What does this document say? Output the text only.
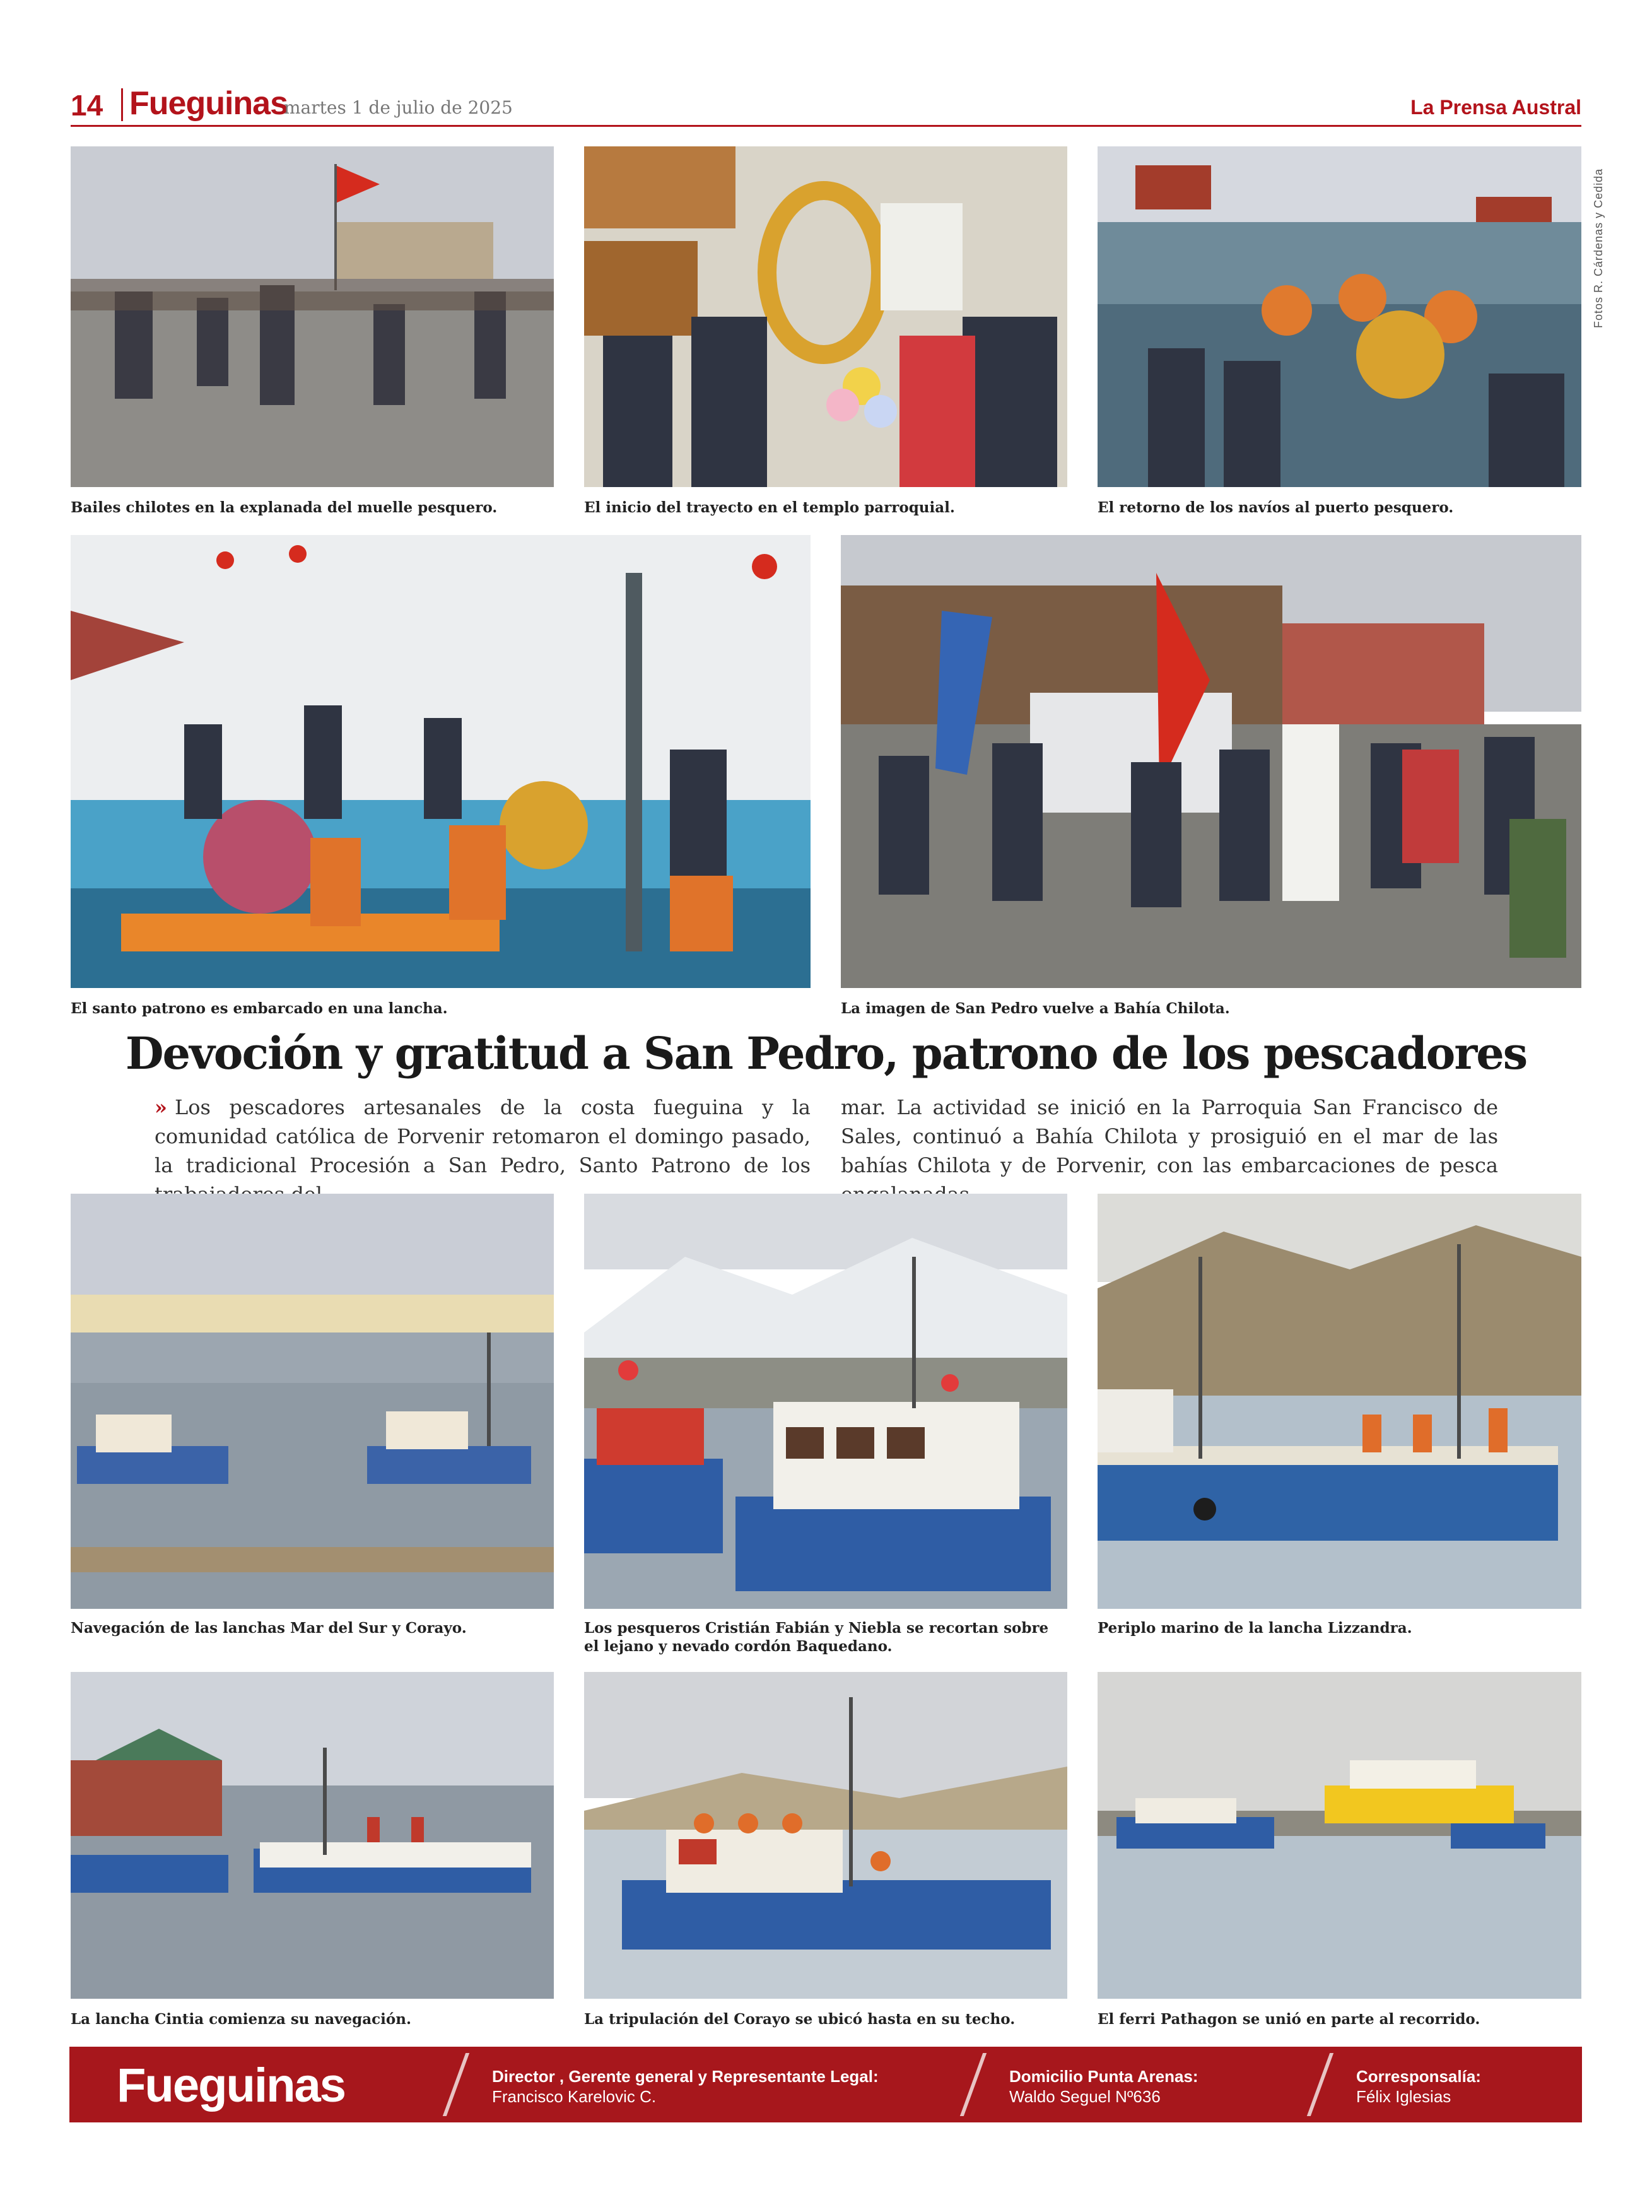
14 Fueguinas
martes 1 de julio de 2025	La Prensa Austral
Fotos R. Cárdenas y Cedida
Bailes chilotes en la explanada del muelle pesquero.	El inicio del trayecto en el templo parroquial.	El retorno de los navíos al puerto pesquero.
El santo patrono es embarcado en una lancha.	La imagen de San Pedro vuelve a Bahía Chilota.
Devoción y gratitud a San Pedro, patrono de los pescadores
» Los pescadores artesanales de la costa fueguina y la comunidad católica de Porvenir retomaron el domingo pasado, la tradicional Procesión a San Pedro, Santo Patrono de los
mar. La actividad se inició en la Parroquia San Francisco de Sales, continuó a Bahía Chilota y prosiguió en el mar de las bahías Chilota y de Porvenir, con las embarcaciones de pesca
Navegación de las lanchas Mar del Sur y Corayo.	Los pesqueros Cristián Fabián y Niebla se recortan sobre el lejano y nevado cordón Baquedano.
Periplo marino de la lancha Lizzandra.
La lancha Cintia comienza su navegación.	La tripulación del Corayo se ubicó hasta en su techo.	El ferri Pathagon se unió en parte al recorrido.
Fueguinas	Director , Gerente general y Representante Legal:
Francisco Karelovic C.
Domicilio Punta Arenas:
Waldo Seguel Nº636
Corresponsalía:
Félix Iglesias
